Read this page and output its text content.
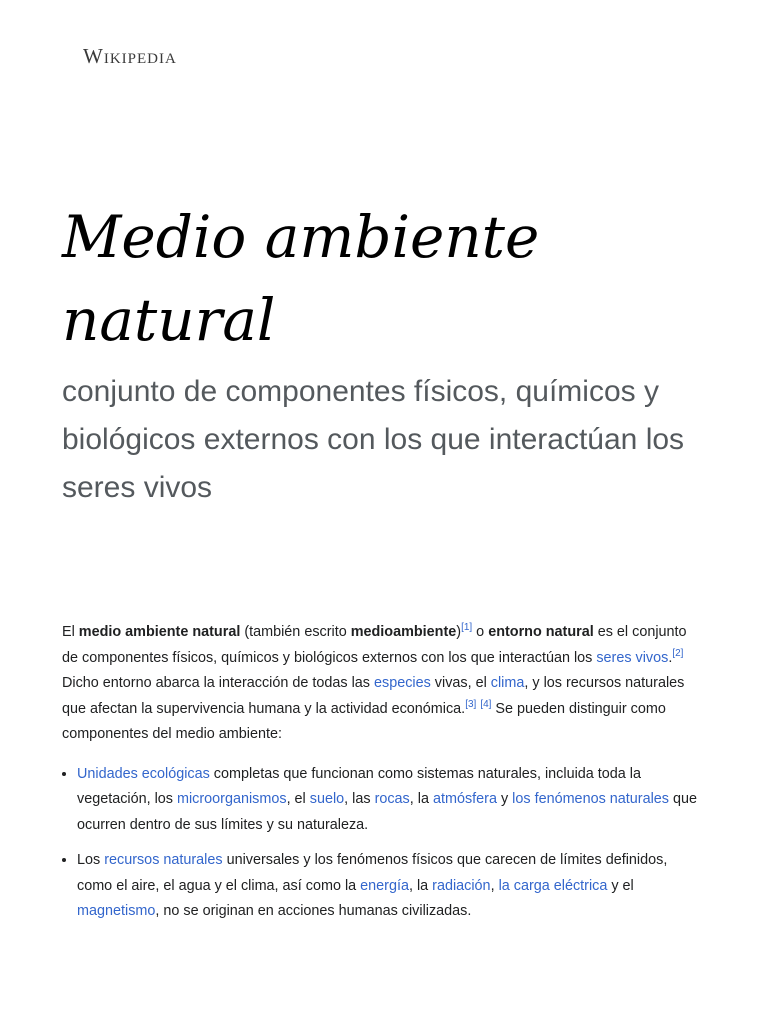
Wikipedia
Medio ambiente natural

conjunto de componentes físicos, químicos y biológicos externos con los que interactúan los seres vivos

El medio ambiente natural (también escrito medioambiente)[1] o entorno natural es el conjunto de componentes físicos, químicos y biológicos externos con los que interactúan los seres vivos.[2] Dicho entorno abarca la interacción de todas las especies vivas, el clima, y los recursos naturales que afectan la supervivencia humana y la actividad económica.[3] [4] Se pueden distinguir como componentes del medio ambiente:

• Unidades ecológicas completas que funcionan como sistemas naturales, incluida toda la vegetación, los microorganismos, el suelo, las rocas, la atmósfera y los fenómenos naturales que ocurren dentro de sus límites y su naturaleza.
• Los recursos naturales universales y los fenómenos físicos que carecen de límites definidos, como el aire, el agua y el clima, así como la energía, la radiación, la carga eléctrica y el magnetismo, no se originan en acciones humanas civilizadas.
